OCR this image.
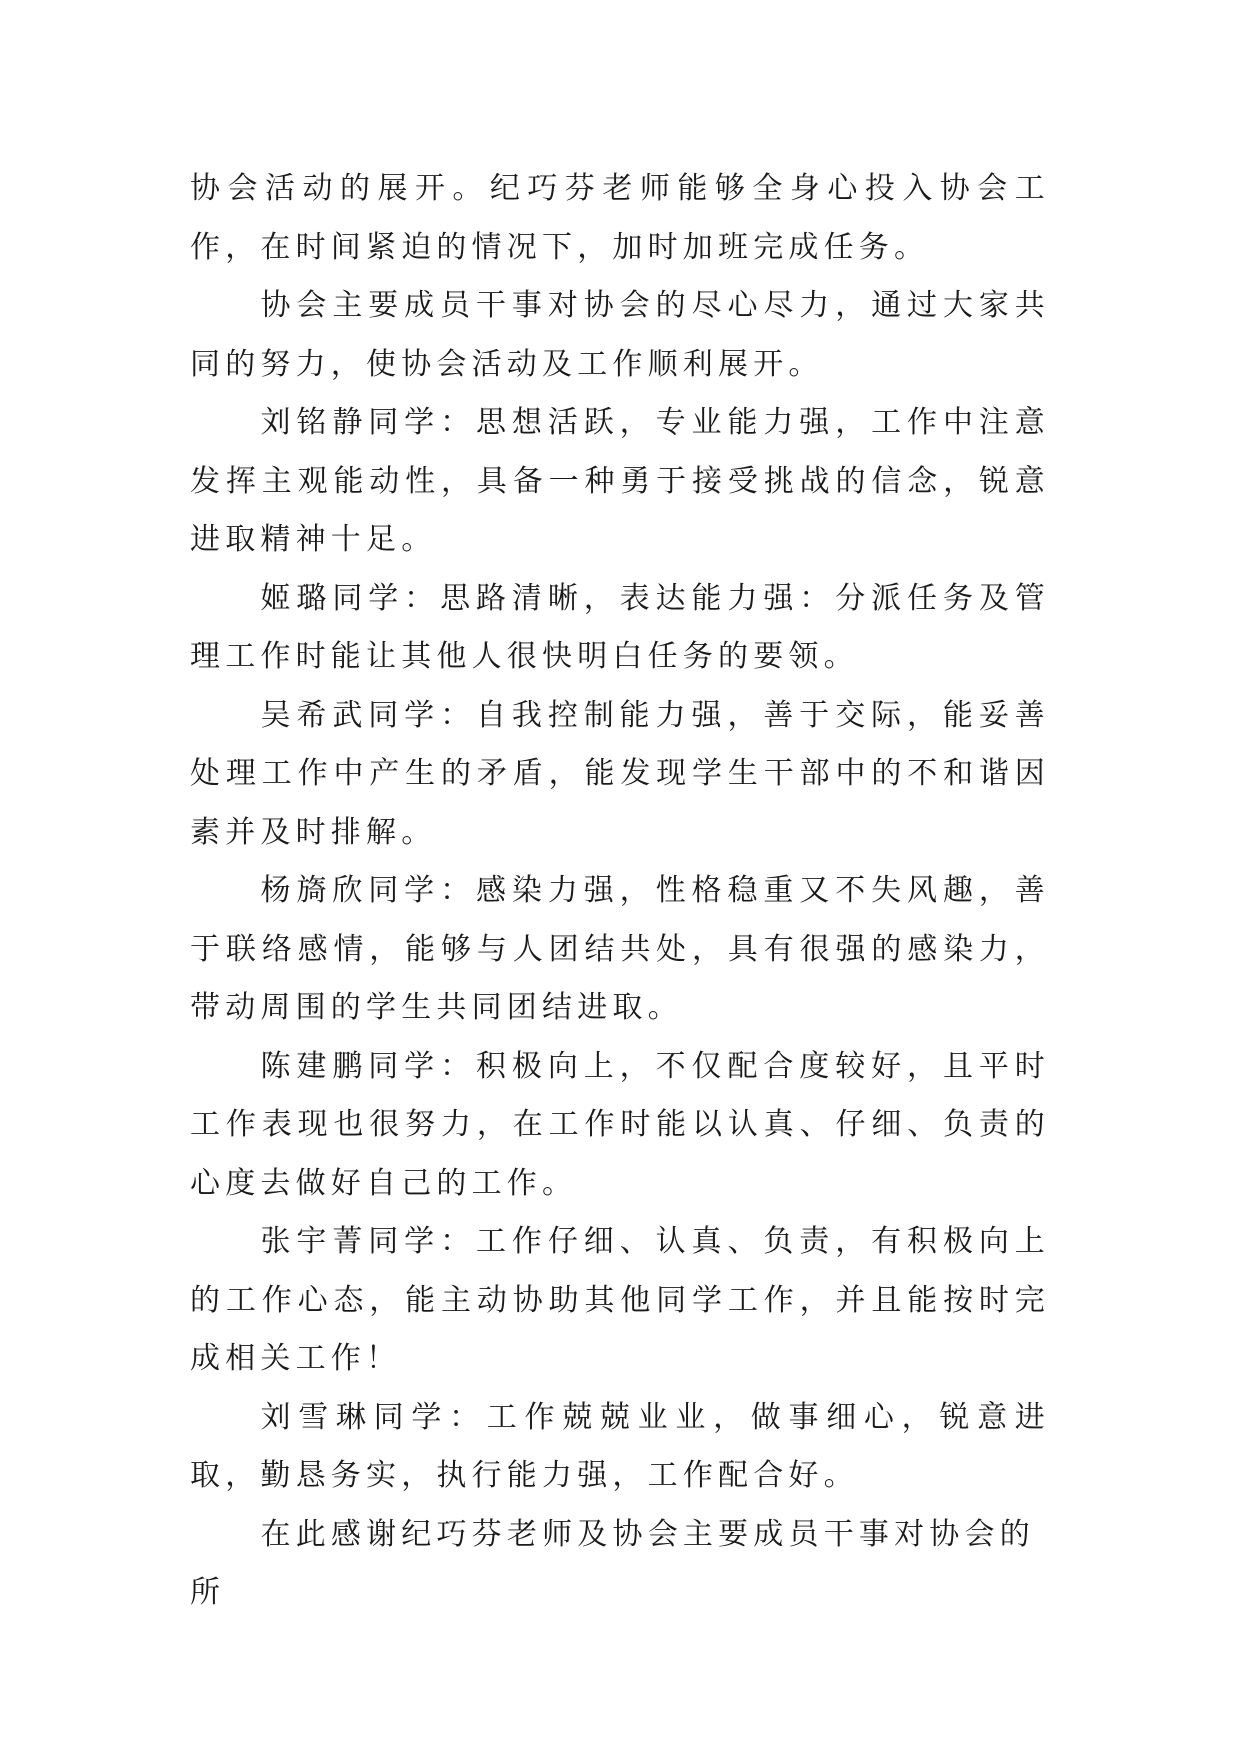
协会活动的展开。纪巧芬老师能够全身心投入协会工作，在时间紧迫的情况下，加时加班完成任务。

协会主要成员干事对协会的尽心尽力，通过大家共同的努力，使协会活动及工作顺利展开。

刘铭静同学：思想活跃，专业能力强，工作中注意发挥主观能动性，具备一种勇于接受挑战的信念，锐意进取精神十足。

姬璐同学：思路清晰，表达能力强：分派任务及管理工作时能让其他人很快明白任务的要领。

吴希武同学：自我控制能力强，善于交际，能妥善处理工作中产生的矛盾，能发现学生干部中的不和谐因素并及时排解。

杨旖欣同学：感染力强，性格稳重又不失风趣，善于联络感情，能够与人团结共处，具有很强的感染力，带动周围的学生共同团结进取。

陈建鹏同学：积极向上，不仅配合度较好，且平时工作表现也很努力，在工作时能以认真、仔细、负责的心度去做好自己的工作。

张宇菁同学：工作仔细、认真、负责，有积极向上的工作心态，能主动协助其他同学工作，并且能按时完成相关工作！

刘雪琳同学：工作兢兢业业，做事细心，锐意进取，勤恳务实，执行能力强，工作配合好。

在此感谢纪巧芬老师及协会主要成员干事对协会的所
